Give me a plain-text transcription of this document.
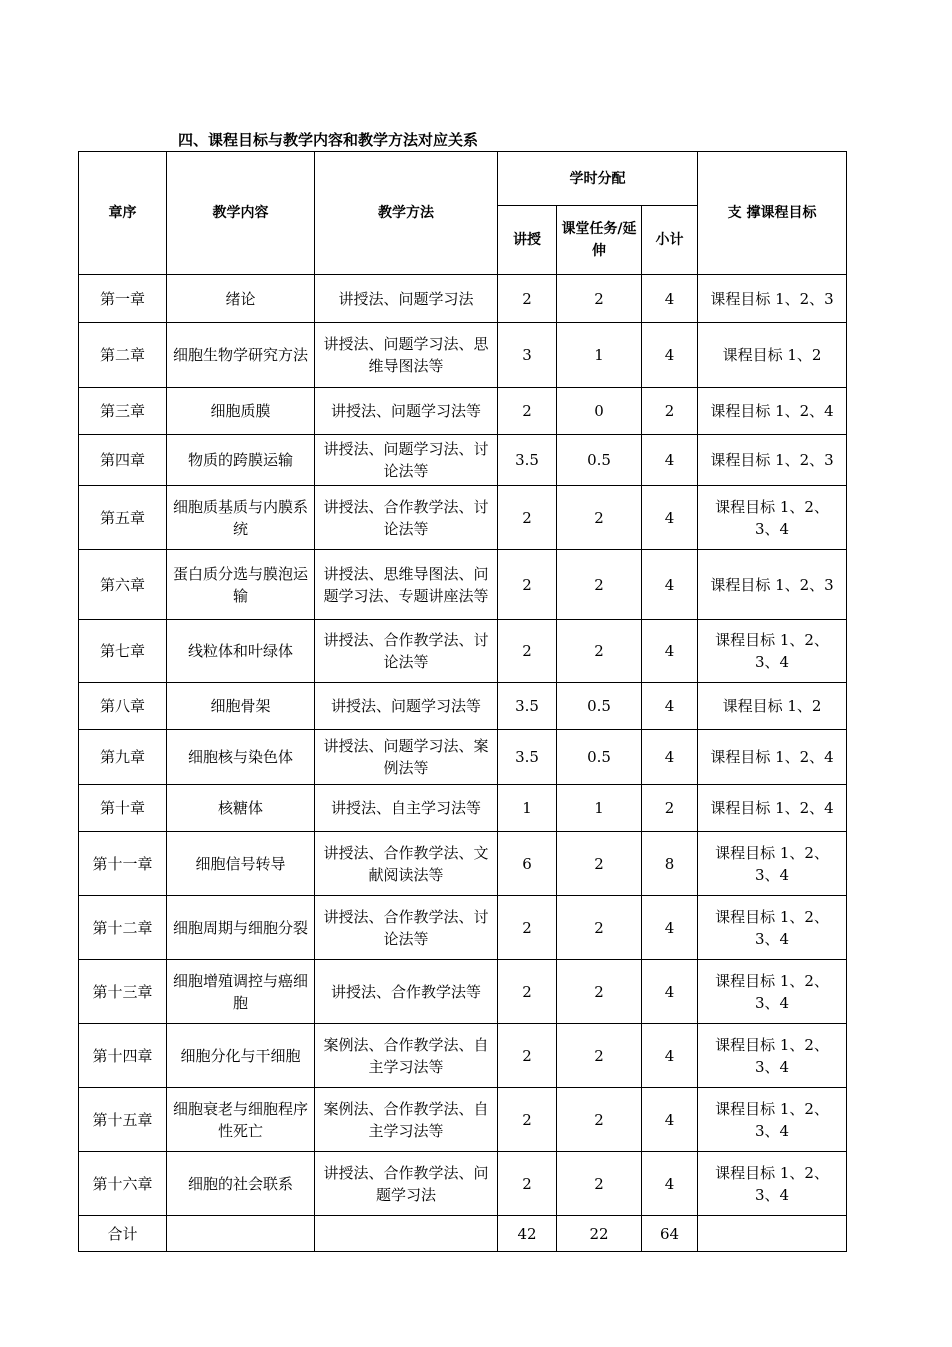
四、课程目标与教学内容和教学方法对应关系
章序	教学内容	教学方法	学时分配			支 撑课程目标
			讲授	课堂任务/延伸	小计	
第一章	绪论	讲授法、问题学习法	2	2	4	课程目标 1、2、3
第二章	细胞生物学研究方法	讲授法、问题学习法、思维导图法等	3	1	4	课程目标 1、2
第三章	细胞质膜	讲授法、问题学习法等	2	0	2	课程目标 1、2、4
第四章	物质的跨膜运输	讲授法、问题学习法、讨论法等	3.5	0.5	4	课程目标 1、2、3
第五章	细胞质基质与内膜系统	讲授法、合作教学法、讨论法等	2	2	4	课程目标 1、2、3、4
第六章	蛋白质分选与膜泡运输	讲授法、思维导图法、问题学习法、专题讲座法等	2	2	4	课程目标 1、2、3
第七章	线粒体和叶绿体	讲授法、合作教学法、讨论法等	2	2	4	课程目标 1、2、3、4
第八章	细胞骨架	讲授法、问题学习法等	3.5	0.5	4	课程目标 1、2
第九章	细胞核与染色体	讲授法、问题学习法、案例法等	3.5	0.5	4	课程目标 1、2、4
第十章	核糖体	讲授法、自主学习法等	1	1	2	课程目标 1、2、4
第十一章	细胞信号转导	讲授法、合作教学法、文献阅读法等	6	2	8	课程目标 1、2、3、4
第十二章	细胞周期与细胞分裂	讲授法、合作教学法、讨论法等	2	2	4	课程目标 1、2、3、4
第十三章	细胞增殖调控与癌细胞	讲授法、合作教学法等	2	2	4	课程目标 1、2、3、4
第十四章	细胞分化与干细胞	案例法、合作教学法、自主学习法等	2	2	4	课程目标 1、2、3、4
第十五章	细胞衰老与细胞程序性死亡	案例法、合作教学法、自主学习法等	2	2	4	课程目标 1、2、3、4
第十六章	细胞的社会联系	讲授法、合作教学法、问题学习法	2	2	4	课程目标 1、2、3、4
合计			42	22	64	
